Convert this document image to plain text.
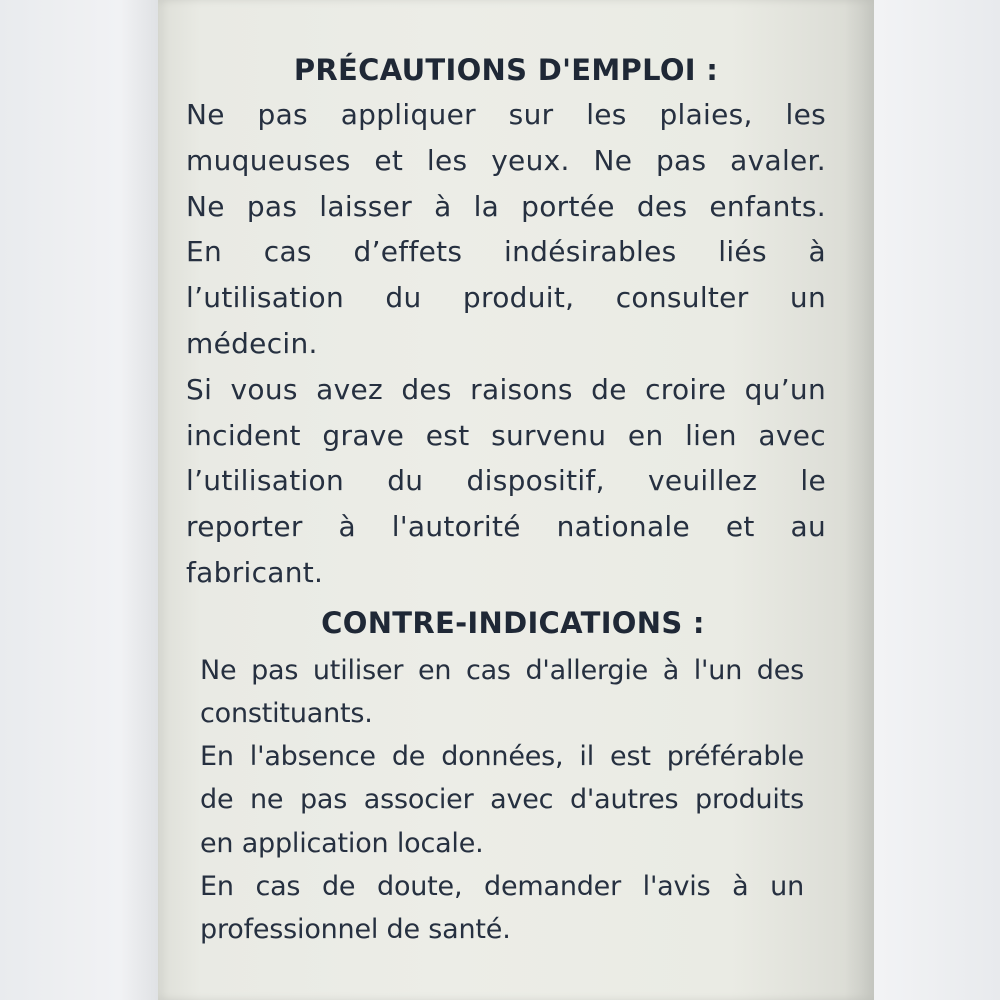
PRÉCAUTIONS D'EMPLOI :
Ne pas appliquer sur les plaies, les
muqueuses et les yeux. Ne pas avaler.
Ne pas laisser à la portée des enfants.
En cas d’effets indésirables liés à
l’utilisation du produit, consulter un
médecin.
Si vous avez des raisons de croire qu’un
incident grave est survenu en lien avec
l’utilisation du dispositif, veuillez le
reporter à l'autorité nationale et au
fabricant.
CONTRE-INDICATIONS :
Ne pas utiliser en cas d'allergie à l'un des
constituants.
En l'absence de données, il est préférable
de ne pas associer avec d'autres produits
en application locale.
En cas de doute, demander l'avis à un
professionnel de santé.
